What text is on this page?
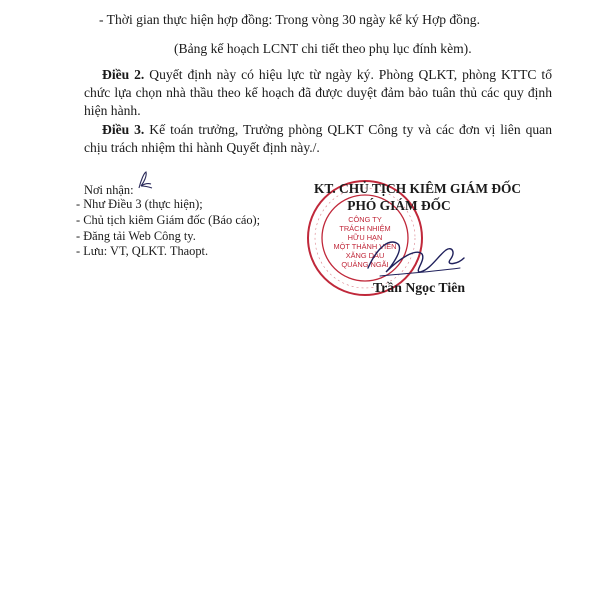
- Thời gian thực hiện hợp đồng: Trong vòng 30 ngày kể ký Hợp đồng.
(Bảng kế hoạch LCNT chi tiết theo phụ lục đính kèm).
Điều 2. Quyết định này có hiệu lực từ ngày ký. Phòng QLKT, phòng KTTC tổ chức lựa chọn nhà thầu theo kế hoạch đã được duyệt đảm bảo tuân thủ các quy định hiện hành.
Điều 3. Kế toán trưởng, Trưởng phòng QLKT Công ty và các đơn vị liên quan chịu trách nhiệm thi hành Quyết định này./.
Nơi nhận:
- Như Điều 3 (thực hiện);
- Chủ tịch kiêm Giám đốc (Báo cáo);
- Đăng tải Web Công ty.
- Lưu: VT, QLKT. Thaopt.
CÔNG TY
TRÁCH NHIỆM
HỮU HẠN
MỘT THÀNH VIÊN
XĂNG DẦU
QUẢNG NGÃI
KT. CHỦ TỊCH KIÊM GIÁM ĐỐC
PHÓ GIÁM ĐỐC
Trần Ngọc Tiên
